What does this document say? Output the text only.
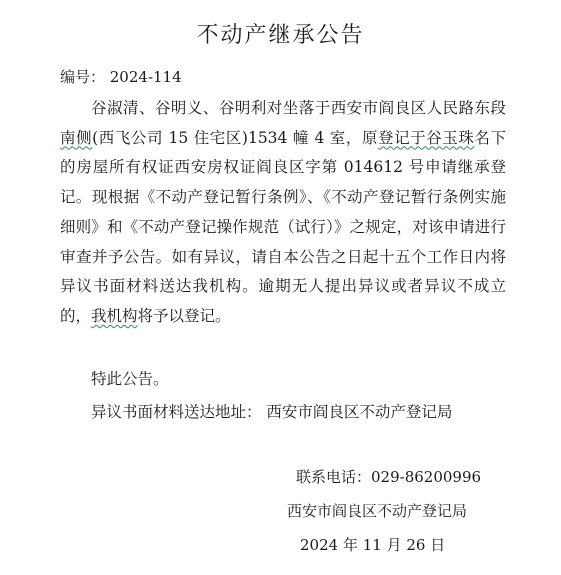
不动产继承公告
编号： 2024-114

谷淑清、谷明义、谷明利对坐落于西安市阎良区人民路东段南侧(西飞公司 15 住宅区)1534 幢 4 室，原登记于谷玉珠名下的房屋所有权证西安房权证阎良区字第 014612 号申请继承登记。现根据《不动产登记暂行条例》、《不动产登记暂行条例实施细则》和《不动产登记操作规范（试行）》之规定，对该申请进行审查并予公告。如有异议，请自本公告之日起十五个工作日内将异议书面材料送达我机构。逾期无人提出异议或者异议不成立的，我机构将予以登记。

特此公告。
异议书面材料送达地址： 西安市阎良区不动产登记局
联系电话：029-86200996
西安市阎良区不动产登记局
2024 年 11 月 26 日
